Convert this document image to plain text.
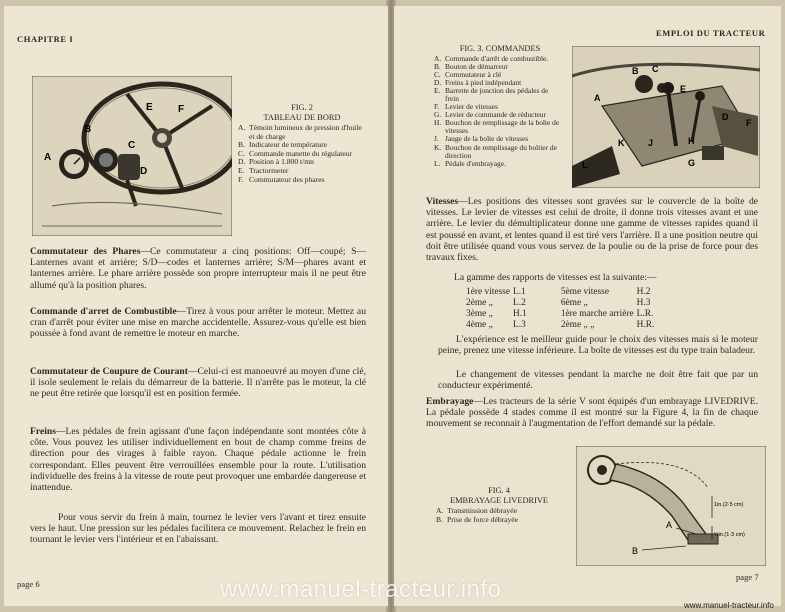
CHAPITRE I
A
B
C
D
E	F	FIG. 2
TABLEAU DE BORD
A. Témoin lumineux de pression d'huile et de charge
B. Indicateur de température
C. Commande manette du régulateur
D. Position à 1.800 t/mn
E. Tractormeter
F. Commutateur des phares
Commutateur des Phares—Ce commutateur a cinq positions: Off—coupé; S—Lanternes avant et arrière; S/D—codes et lanternes arrière; S/M—phares avant et lanternes arrière. Le phare arrière possède son propre interrupteur mais il ne peut être allumé qu'à la position phares.
Commande d'arret de Combustible—Tirez à vous pour arrêter le moteur. Mettez au cran d'arrêt pour éviter une mise en marche accidentelle. Assurez-vous qu'elle est bien poussée à fond avant de remettre le moteur en marche.
Commutateur de Coupure de Courant—Celui-ci est manoeuvré au moyen d'une clé, il isole seulement le relais du démarreur de la batterie. Il n'arrête pas le moteur, la clé ne peut être retirée que lorsqu'il est en position fermée.
Freins—Les pédales de frein agissant d'une façon indépendante sont montées côte à côte. Vous pouvez les utiliser individuellement en bout de champ comme freins de direction pour des virages à faible rayon. Chaque pédale actionne le frein correspondant. Elles peuvent être verrouillées ensemble pour la route. L'utilisation individuelle des freins à la vitesse de route peut provoquer une embardée dangereuse et inattendue.
Pour vous servir du frein à main, tournez le levier vers l'avant et tirez ensuite vers le haut. Une pression sur les pédales facilitera ce mouvement. Relachez le frein en tournant le levier vers l'intérieur et en l'abaissant.
page 6
EMPLOI DU TRACTEUR
FIG. 3. COMMANDES
A. Commande d'arrêt de combustible.
B. Bouton de démarreur
C. Commutateur à clé
D. Freins à pied indépendant
E. Barrette de jonction des pédales de frein
F. Levier de vitesses
G. Levier de commande de réducteur
H. Bouchon de remplissage de la boîte de vitesses
J. Jauge de la boîte de vitesses
K. Bouchon de remplissage du boîtier de direction
L. Pédale d'embrayage.
A
B C
D
E
F
G
H
J
K
L
Vitesses—Les positions des vitesses sont gravées sur le couvercle de la boîte de vitesses. Le levier de vitesses est celui de droite, il donne trois vitesses avant et une arrière. Le levier du démultiplicateur donne une gamme de vitesses rapides quand il est poussé en avant, et lentes quand il est tiré vers l'arrière. Il a une position neutre qui doit être utilisée quand vous vous servez de la poulie ou de la prise de force pour des travaux fixes.
La gamme des rapports de vitesses est la suivante:—
1ère vitesse	L.1	5ème vitesse	H.2
2ème „	L.2	6ème „	H.3
3ème „	H.1	1ère marche arrière	L.R.
4ème „	L.3	2ème „ „	H.R.
L'expérience est le meilleur guide pour le choix des vitesses mais si le moteur peine, prenez une vitesse inférieure. La boîte de vitesses est du type train baladeur.
Le changement de vitesses pendant la marche ne doit être fait que par un conducteur expérimenté.
Embrayage—Les tracteurs de la série V sont équipés d'un embrayage LIVEDRIVE. La pédale possède 4 stades comme il est montré sur la Figure 4, la fin de chaque mouvement se reconnait à l'augmentation de l'effort demandé sur la pédale.
FIG. 4
EMBRAYAGE LIVEDRIVE
A. Transmission débrayée
B. Prise de force débrayée
1in.(2·5 cm)
½in.(1·3 cm)
A
B
page 7
www.manuel-tracteur.info
www.manuel-tracteur.info
